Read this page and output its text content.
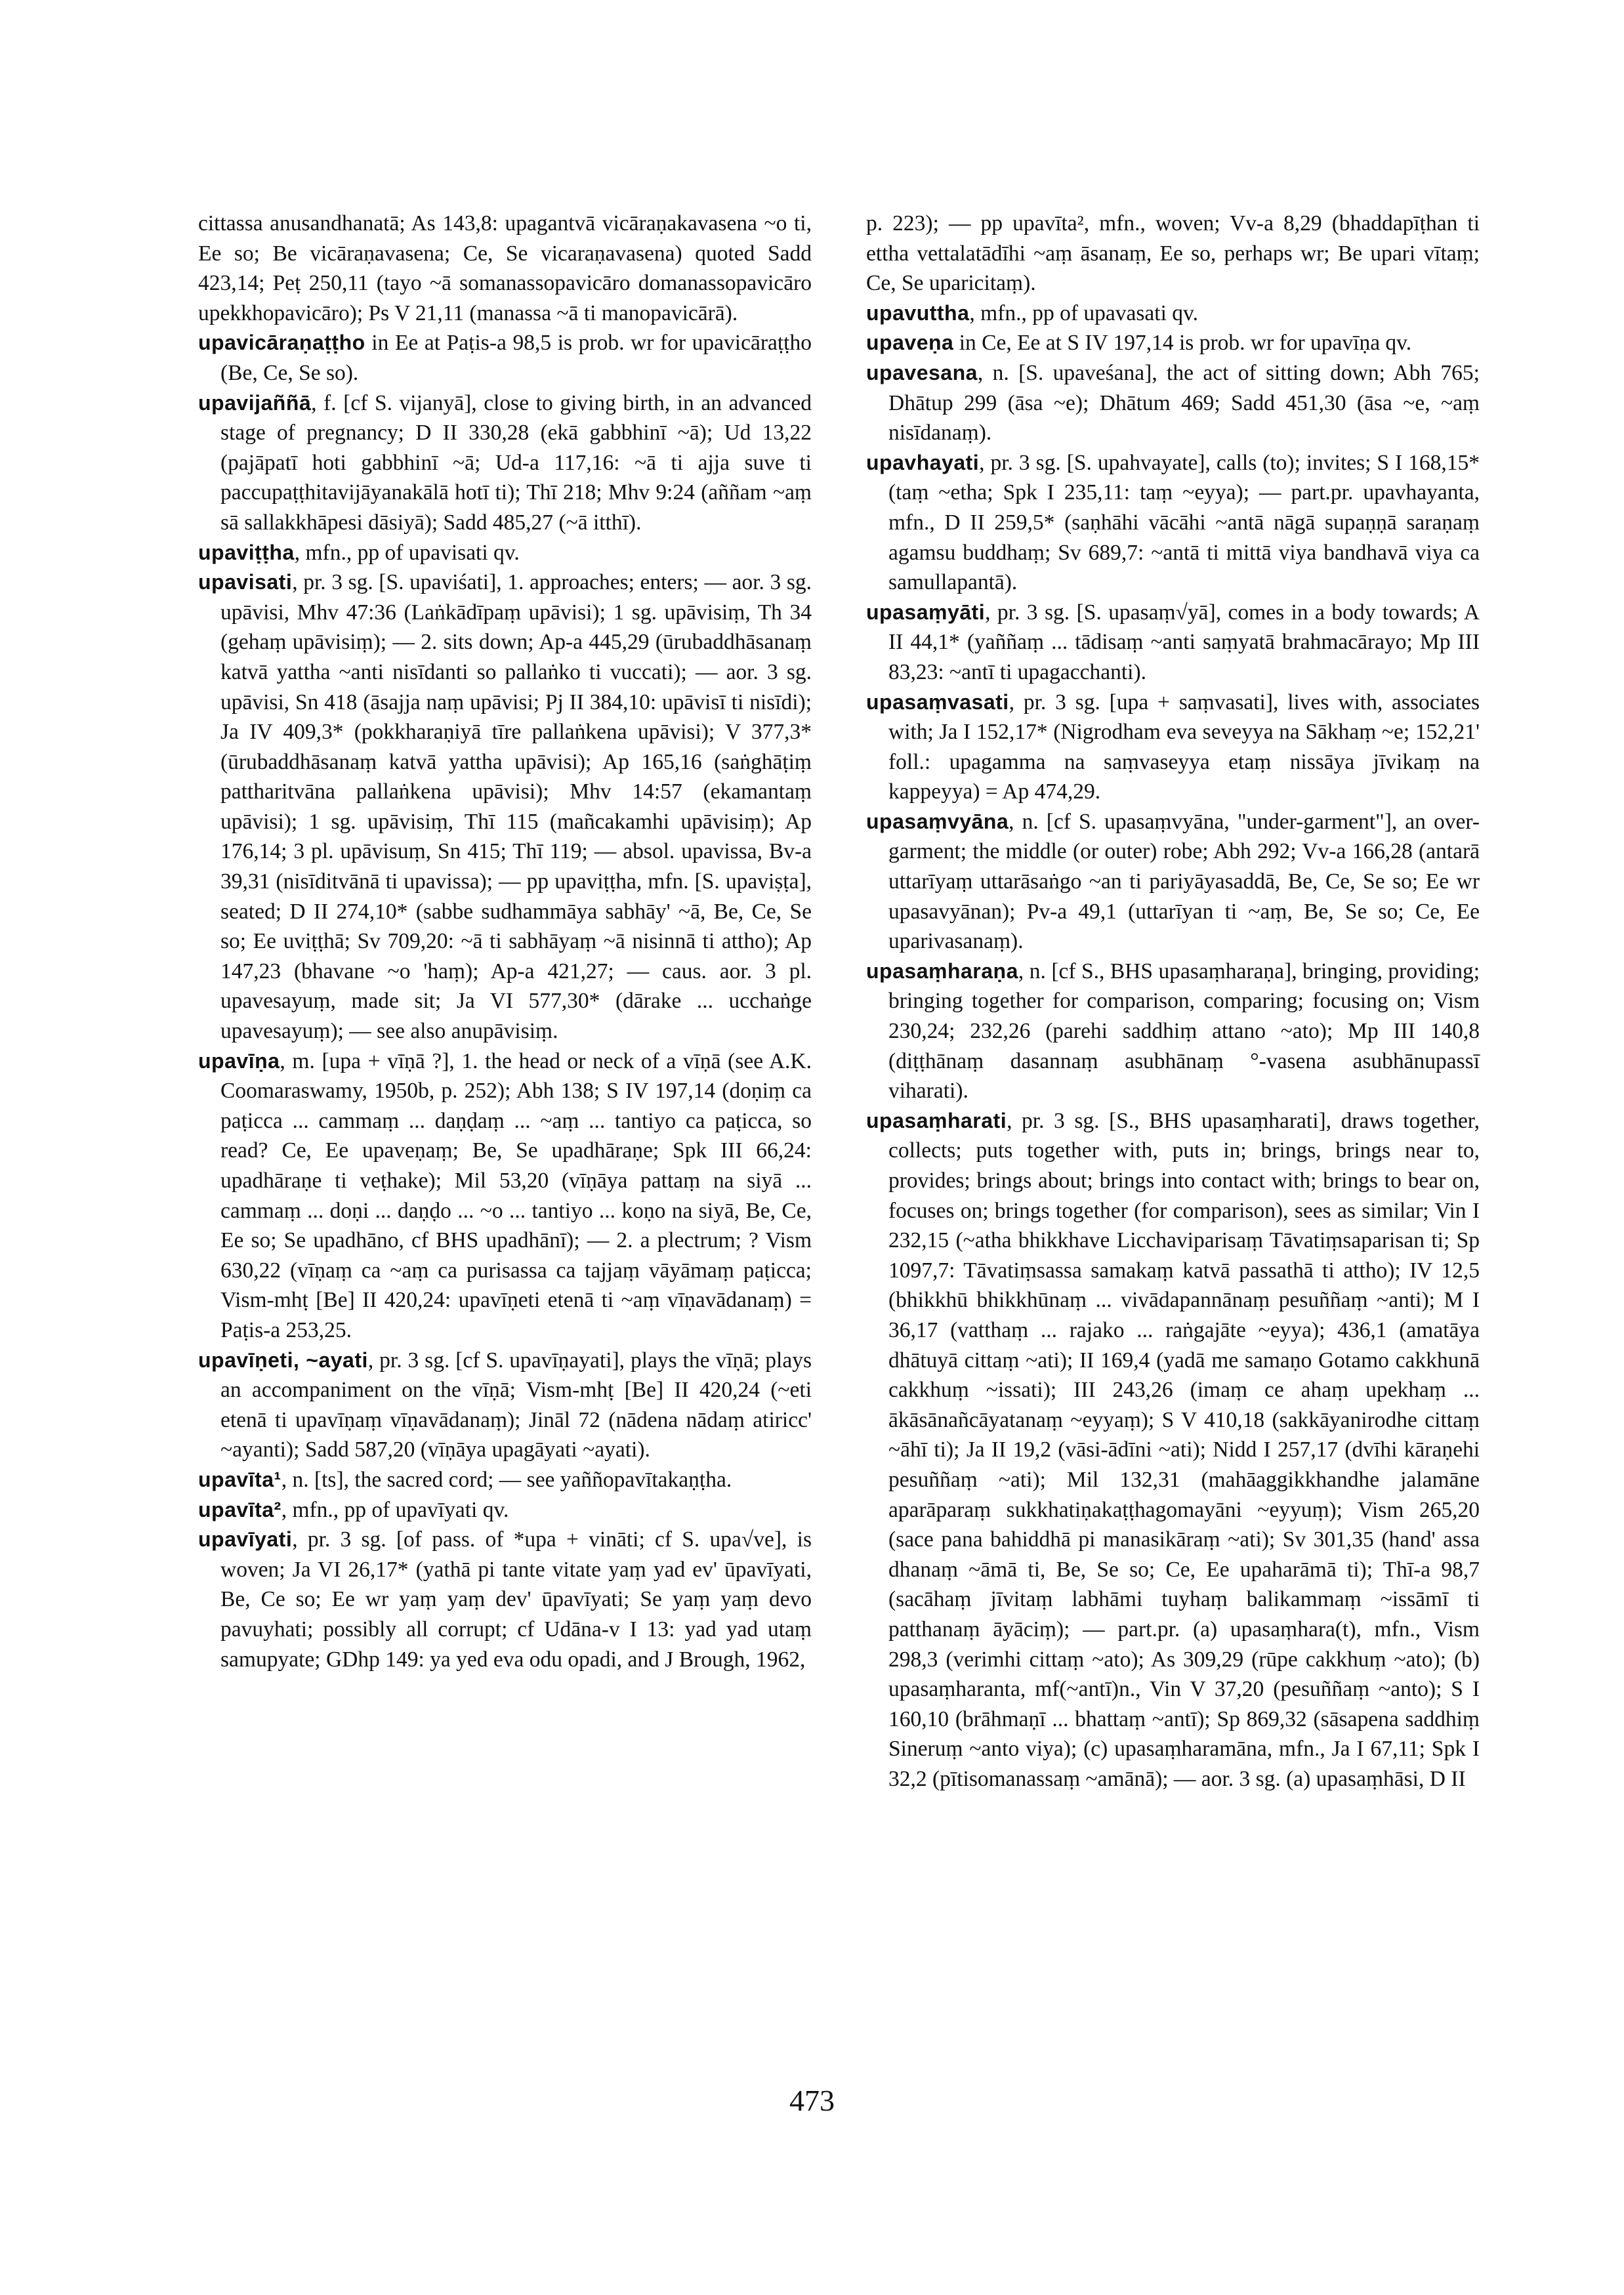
cittassa anusandhanatā; As 143,8: upagantvā vicāraṇakavasena ~o ti, Ee so; Be vicāraṇavasena; Ce, Se vicaraṇavasena) quoted Sadd 423,14; Peṭ 250,11 (tayo ~ā somanassopavicāro domanassopavicāro upekkhopavicāro); Ps V 21,11 (manassa ~ā ti manopavicārā).

upavicāraṇaṭṭho in Ee at Paṭis-a 98,5 is prob. wr for upavicāraṭṭho (Be, Ce, Se so).

upavijaññā, f. [cf S. vijanyā], close to giving birth, in an advanced stage of pregnancy; D II 330,28 (ekā gabbhinī ~ā); Ud 13,22 (pajāpatī hoti gabbhinī ~ā; Ud-a 117,16: ~ā ti ajja suve ti paccupaṭṭhitavijāyanakālā hotī ti); Thī 218; Mhv 9:24 (aññam ~aṃ sā sallakkhāpesi dāsiyā); Sadd 485,27 (~ā itthī).

upaviṭṭha, mfn., pp of upavisati qv.

upavisati, pr. 3 sg. [S. upaviśati], 1. approaches; enters; — aor. 3 sg. upāvisi, Mhv 47:36 (Laṅkādīpaṃ upāvisi); 1 sg. upāvisiṃ, Th 34 (gehaṃ upāvisiṃ); — 2. sits down; Ap-a 445,29 (ūrubaddhāsanaṃ katvā yattha ~anti nisīdanti so pallaṅko ti vuccati); — aor. 3 sg. upāvisi, Sn 418 (āsajja naṃ upāvisi; Pj II 384,10: upāvisī ti nisīdi); Ja IV 409,3* (pokkharaṇiyā tīre pallaṅkena upāvisi); V 377,3* (ūrubaddhāsanaṃ katvā yattha upāvisi); Ap 165,16 (saṅghāṭiṃ pattharitvāna pallaṅkena upāvisi); Mhv 14:57 (ekamantaṃ upāvisi); 1 sg. upāvisiṃ, Thī 115 (mañcakamhi upāvisiṃ); Ap 176,14; 3 pl. upāvisuṃ, Sn 415; Thī 119; — absol. upavissa, Bv-a 39,31 (nisīditvānā ti upavissa); — pp upaviṭṭha, mfn. [S. upaviṣṭa], seated; D II 274,10* (sabbe sudhammāya sabhāy' ~ā, Be, Ce, Se so; Ee uviṭṭhā; Sv 709,20: ~ā ti sabhāyaṃ ~ā nisinnā ti attho); Ap 147,23 (bhavane ~o 'haṃ); Ap-a 421,27; — caus. aor. 3 pl. upavesayuṃ, made sit; Ja VI 577,30* (dārake ... ucchaṅge upavesayuṃ); — see also anupāvisiṃ.

upavīṇa, m. [upa + vīṇā ?], 1. the head or neck of a vīṇā (see A.K. Coomaraswamy, 1950b, p. 252); Abh 138; S IV 197,14 (doṇiṃ ca paṭicca ... cammaṃ ... daṇḍaṃ ... ~aṃ ... tantiyo ca paṭicca, so read? Ce, Ee upaveṇaṃ; Be, Se upadhāraṇe; Spk III 66,24: upadhāraṇe ti veṭhake); Mil 53,20 (vīṇāya pattaṃ na siyā ... cammaṃ ... doṇi ... daṇḍo ... ~o ... tantiyo ... koṇo na siyā, Be, Ce, Ee so; Se upadhāno, cf BHS upadhānī); — 2. a plectrum; ? Vism 630,22 (vīṇaṃ ca ~aṃ ca purisassa ca tajjaṃ vāyāmaṃ paṭicca; Vism-mhṭ [Be] II 420,24: upavīṇeti etenā ti ~aṃ vīṇavādanaṃ) = Paṭis-a 253,25.

upavīṇeti, ~ayati, pr. 3 sg. [cf S. upavīṇayati], plays the vīṇā; plays an accompaniment on the vīṇā; Vism-mhṭ [Be] II 420,24 (~eti etenā ti upavīṇaṃ vīṇavādanaṃ); Jināl 72 (nādena nādaṃ atiricc' ~ayanti); Sadd 587,20 (vīṇāya upagāyati ~ayati).

upavīta¹, n. [ts], the sacred cord; — see yaññopavītakaṇṭha.

upavīta², mfn., pp of upavīyati qv.

upavīyati, pr. 3 sg. [of pass. of *upa + vināti; cf S. upa√ve], is woven; Ja VI 26,17* (yathā pi tante vitate yaṃ yad ev' ūpavīyati, Be, Ce so; Ee wr yaṃ yaṃ dev' ūpavīyati; Se yaṃ yaṃ devo pavuyhati; possibly all corrupt; cf Udāna-v I 13: yad yad utaṃ samupyate; GDhp 149: ya yed eva odu opadi, and J Brough, 1962,

p. 223); — pp upavīta², mfn., woven; Vv-a 8,29 (bhaddapīṭhan ti ettha vettalatādīhi ~aṃ āsanaṃ, Ee so, perhaps wr; Be upari vītaṃ; Ce, Se uparicitaṃ).

upavuttha, mfn., pp of upavasati qv.

upaveṇa in Ce, Ee at S IV 197,14 is prob. wr for upavīṇa qv.

upavesana, n. [S. upaveśana], the act of sitting down; Abh 765; Dhātup 299 (āsa ~e); Dhātum 469; Sadd 451,30 (āsa ~e, ~aṃ nisīdanaṃ).

upavhayati, pr. 3 sg. [S. upahvayate], calls (to); invites; S I 168,15* (taṃ ~etha; Spk I 235,11: taṃ ~eyya); — part.pr. upavhayanta, mfn., D II 259,5* (saṇhāhi vācāhi ~antā nāgā supaṇṇā saraṇaṃ agamsu buddhaṃ; Sv 689,7: ~antā ti mittā viya bandhavā viya ca samullapantā).

upasaṃyāti, pr. 3 sg. [S. upasaṃ√yā], comes in a body towards; A II 44,1* (yaññaṃ ... tādisaṃ ~anti saṃyatā brahmacārayo; Mp III 83,23: ~antī ti upagacchanti).

upasaṃvasati, pr. 3 sg. [upa + saṃvasati], lives with, associates with; Ja I 152,17* (Nigrodham eva seveyya na Sākhaṃ ~e; 152,21' foll.: upagamma na saṃvaseyya etaṃ nissāya jīvikaṃ na kappeyya) = Ap 474,29.

upasaṃvyāna, n. [cf S. upasaṃvyāna, "under-garment"], an over-garment; the middle (or outer) robe; Abh 292; Vv-a 166,28 (antarā uttarīyaṃ uttarāsaṅgo ~an ti pariyāyasaddā, Be, Ce, Se so; Ee wr upasavyānan); Pv-a 49,1 (uttarīyan ti ~aṃ, Be, Se so; Ce, Ee uparivasanaṃ).

upasaṃharaṇa, n. [cf S., BHS upasaṃharaṇa], bringing, providing; bringing together for comparison, comparing; focusing on; Vism 230,24; 232,26 (parehi saddhiṃ attano ~ato); Mp III 140,8 (diṭṭhānaṃ dasannaṃ asubhānaṃ °-vasena asubhānupassī viharati).

upasaṃharati, pr. 3 sg. [S., BHS upasaṃharati], draws together, collects; puts together with, puts in; brings, brings near to, provides; brings about; brings into contact with; brings to bear on, focuses on; brings together (for comparison), sees as similar; Vin I 232,15 (~atha bhikkhave Licchaviparisaṃ Tāvatiṃsaparisan ti; Sp 1097,7: Tāvatiṃsassa samakaṃ katvā passathā ti attho); IV 12,5 (bhikkhū bhikkhūnaṃ ... vivādapannānaṃ pesuññaṃ ~anti); M I 36,17 (vatthaṃ ... rajako ... raṅgajāte ~eyya); 436,1 (amatāya dhātuyā cittaṃ ~ati); II 169,4 (yadā me samaṇo Gotamo cakkhunā cakkhuṃ ~issati); III 243,26 (imaṃ ce ahaṃ upekhaṃ ... ākāsānañcāyatanaṃ ~eyyaṃ); S V 410,18 (sakkāyanirodhe cittaṃ ~āhī ti); Ja II 19,2 (vāsi-ādīni ~ati); Nidd I 257,17 (dvīhi kāraṇehi pesuññaṃ ~ati); Mil 132,31 (mahāaggikkhandhe jalamāne aparāparaṃ sukkhatiṇakaṭṭhagomayāni ~eyyuṃ); Vism 265,20 (sace pana bahiddhā pi manasikāraṃ ~ati); Sv 301,35 (hand' assa dhanaṃ ~āmā ti, Be, Se so; Ce, Ee upaharāmā ti); Thī-a 98,7 (sacāhaṃ jīvitaṃ labhāmi tuyhaṃ balikammaṃ ~issāmī ti patthanaṃ āyāciṃ); — part.pr. (a) upasaṃhara(t), mfn., Vism 298,3 (verimhi cittaṃ ~ato); As 309,29 (rūpe cakkhuṃ ~ato); (b) upasaṃharanta, mf(~antī)n., Vin V 37,20 (pesuññaṃ ~anto); S I 160,10 (brāhmaṇī ... bhattaṃ ~antī); Sp 869,32 (sāsapena saddhiṃ Sineruṃ ~anto viya); (c) upasaṃharamāna, mfn., Ja I 67,11; Spk I 32,2 (pītisomanassaṃ ~amānā); — aor. 3 sg. (a) upasaṃhāsi, D II

473
